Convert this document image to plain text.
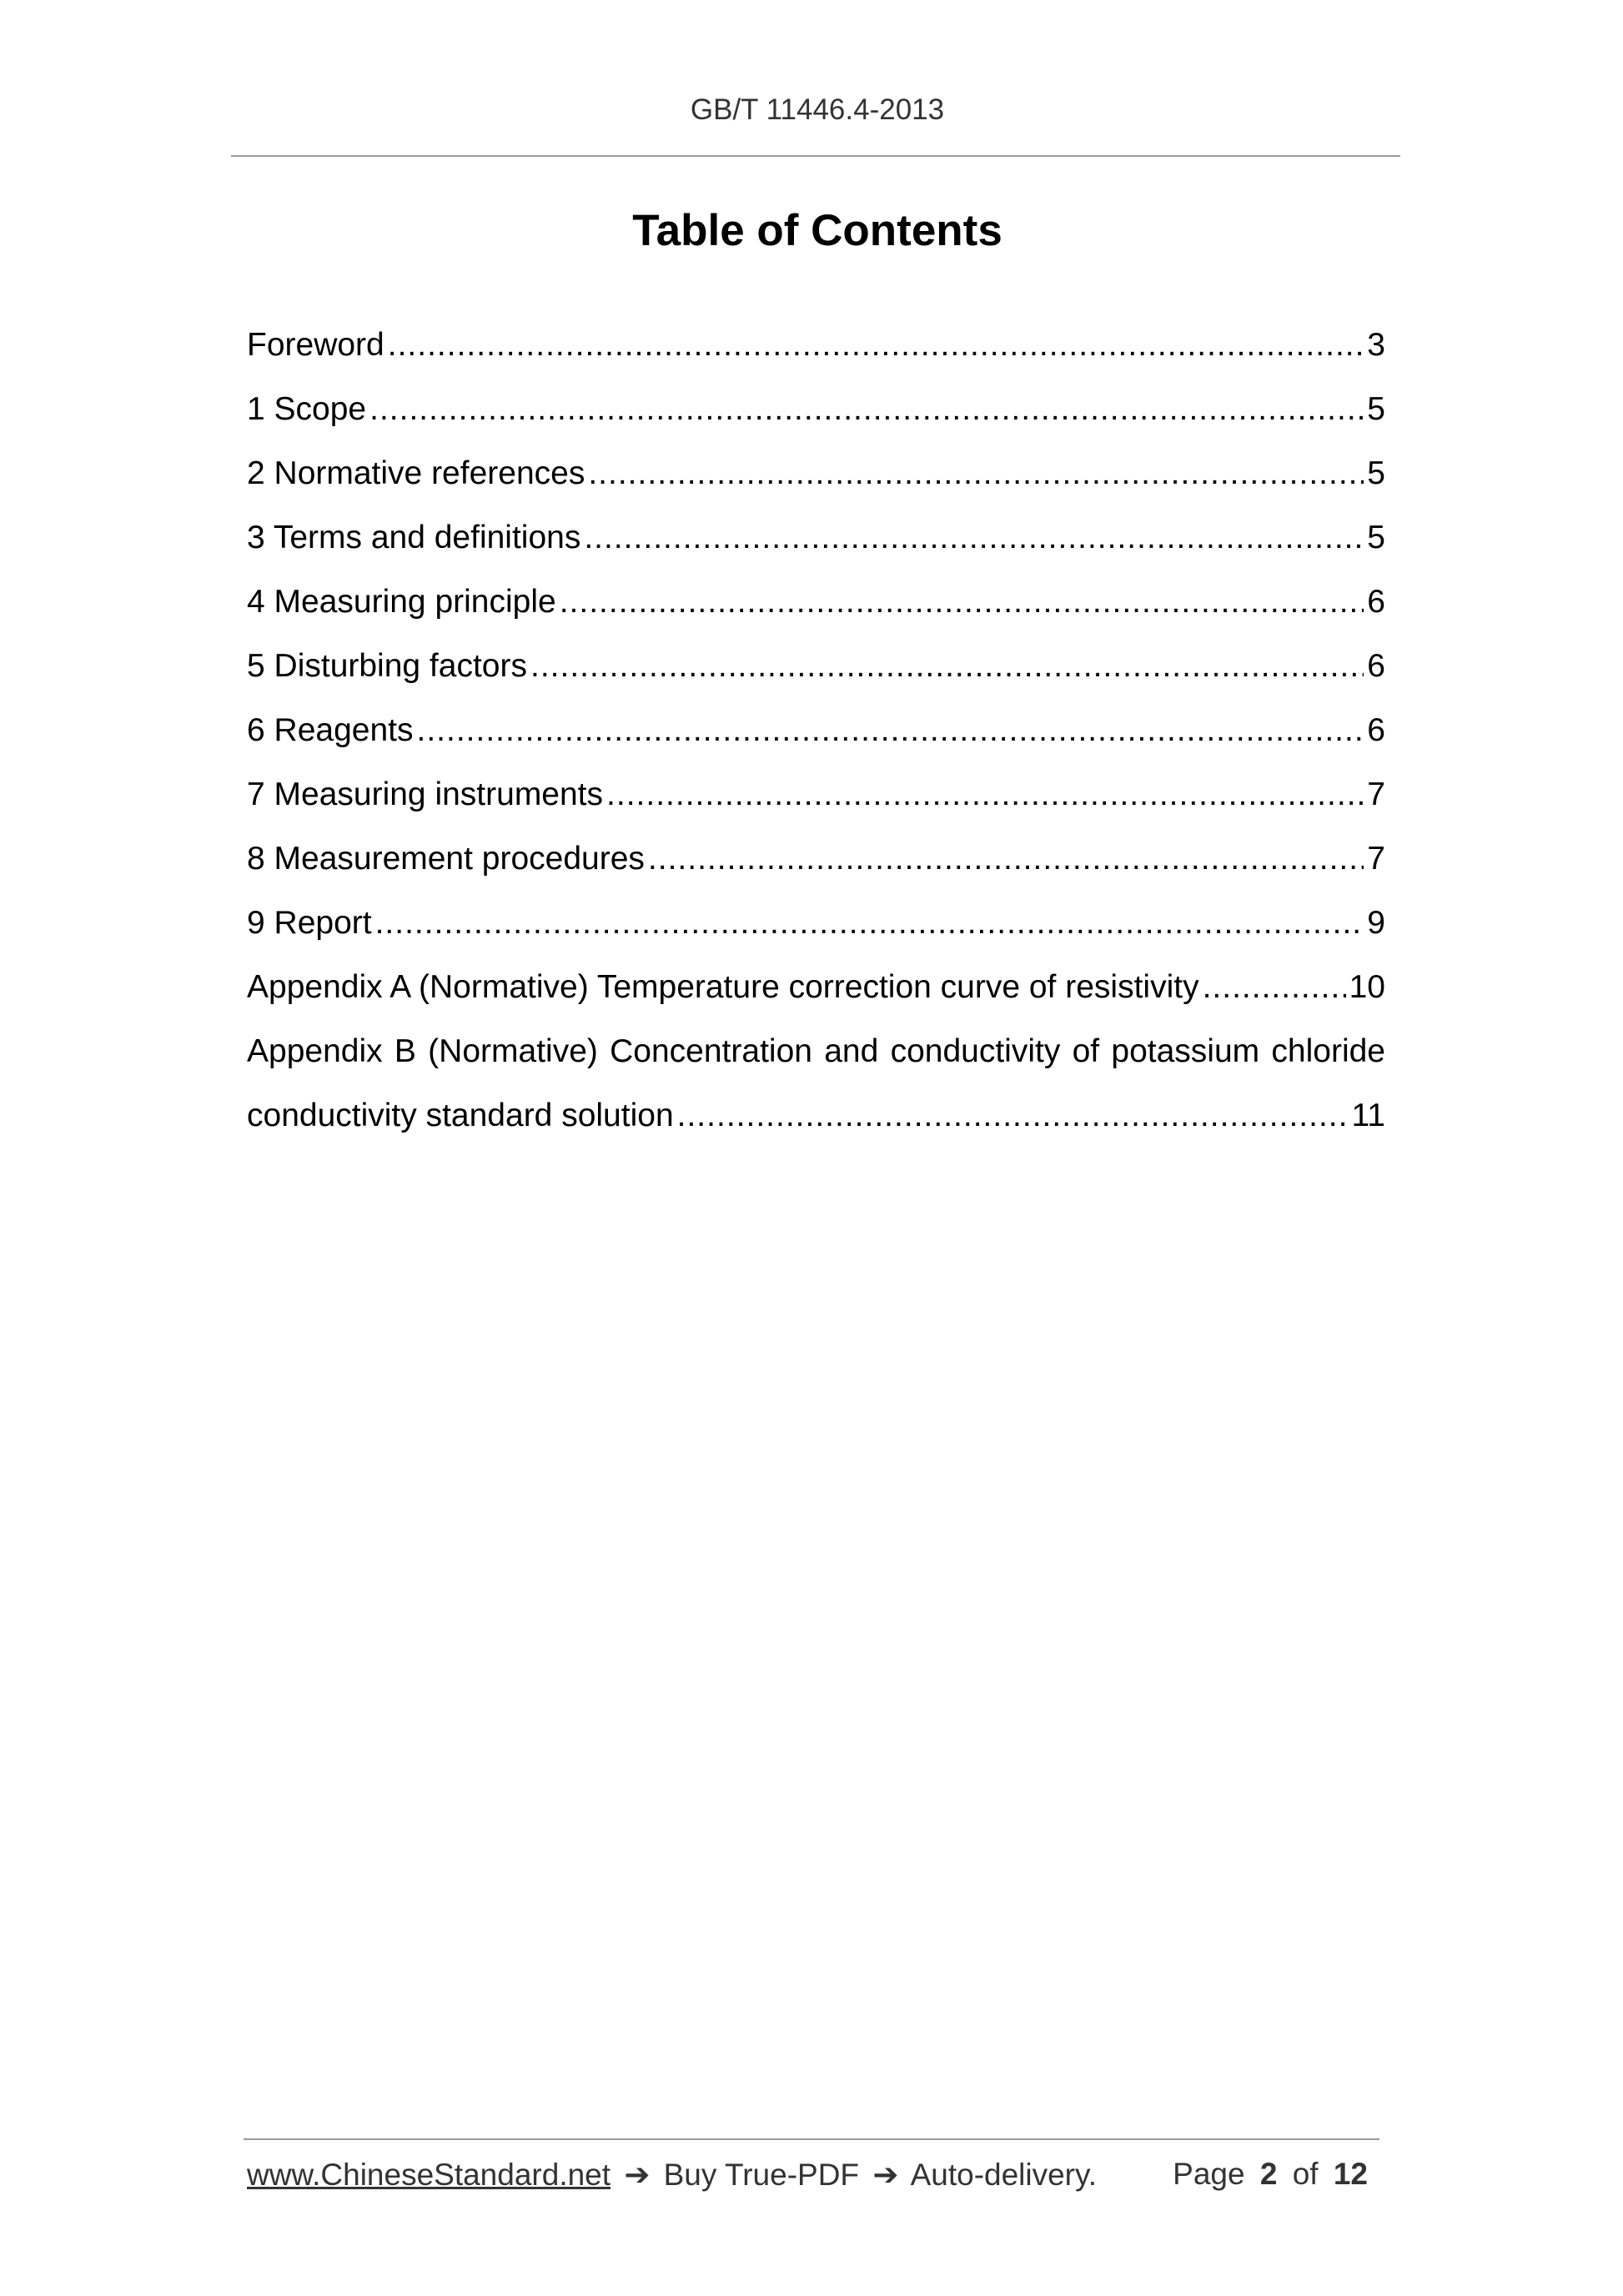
GB/T 11446.4-2013
Table of Contents
Foreword .....	3
1 Scope .....	5
2 Normative references .....	5
3 Terms and definitions .....	5
4 Measuring principle .....	6
5 Disturbing factors .....	6
6 Reagents .....	6
7 Measuring instruments .....	7
8 Measurement procedures .....	7
9 Report .....	9
Appendix A (Normative) Temperature correction curve of resistivity .....	10
Appendix B (Normative) Concentration and conductivity of potassium chloride
conductivity standard solution .....	11
www.ChineseStandard.net ➔ Buy True-PDF ➔ Auto-delivery. Page 2 of 12
